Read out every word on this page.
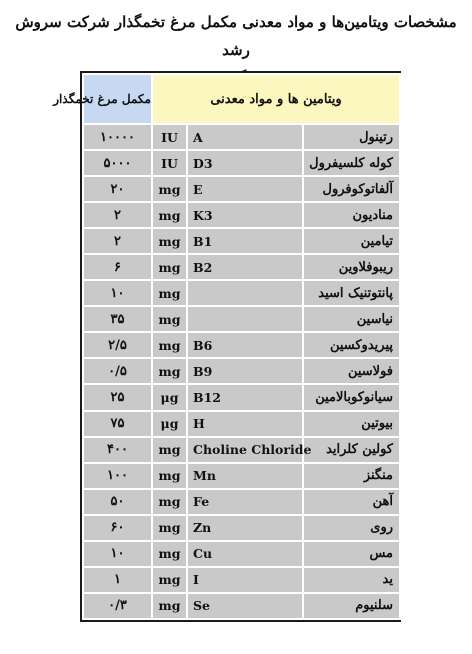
مشخصات ویتامین‌ها و مواد معدنی مکمل مرغ تخمگذار شرکت سروش رشد
مکمل مرغ تخمگذار	ویتامین ها و مواد معدنی		
۱۰۰۰۰	IU	A	رتینول
۵۰۰۰	IU	D3	کوله کلسیفرول
۲۰	mg	E	آلفاتوکوفرول
۲	mg	K3	منادیون
۲	mg	B1	تیامین
۶	mg	B2	ریبوفلاوین
۱۰	mg		پانتوتنیک اسید
۳۵	mg		نیاسین
۲/۵	mg	B6	پیریدوکسین
۰/۵	mg	B9	فولاسین
۲۵	μg	B12	سیانوکوبالامین
۷۵	μg	H	بیوتین
۴۰۰	mg	Choline Chloride	کولین کلراید
۱۰۰	mg	Mn	منگنز
۵۰	mg	Fe	آهن
۶۰	mg	Zn	روی
۱۰	mg	Cu	مس
۱	mg	I	ید
۰/۳	mg	Se	سلنیوم
